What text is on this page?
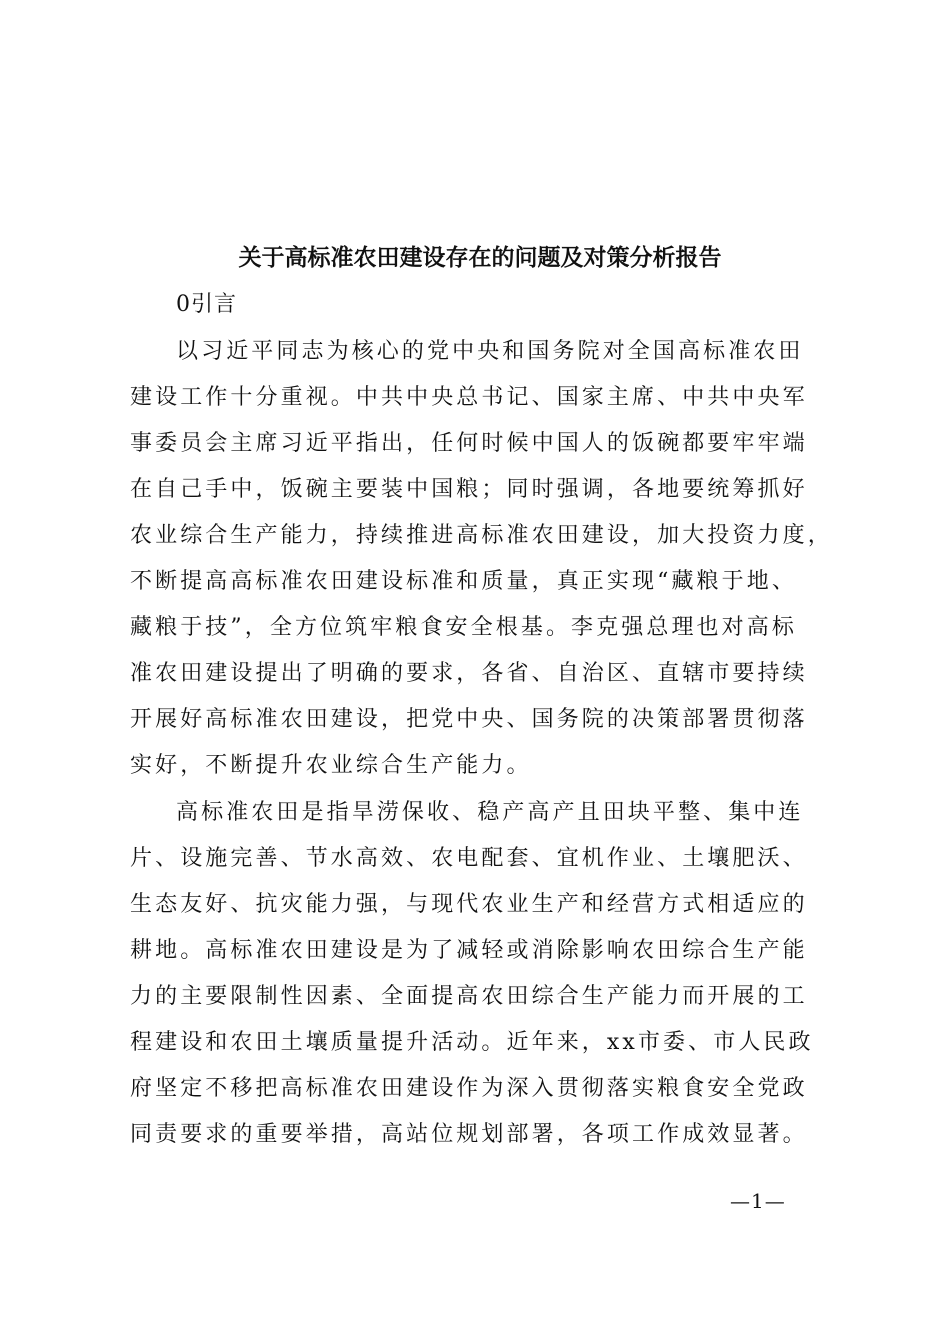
关于高标准农田建设存在的问题及对策分析报告
0引言
以习近平同志为核心的党中央和国务院对全国高标准农田
建设工作十分重视。中共中央总书记、国家主席、中共中央军
事委员会主席习近平指出，任何时候中国人的饭碗都要牢牢端
在自己手中，饭碗主要装中国粮；同时强调，各地要统筹抓好
农业综合生产能力，持续推进高标准农田建设，加大投资力度，
不断提高高标准农田建设标准和质量，真正实现“藏粮于地、
藏粮于技”，全方位筑牢粮食安全根基。李克强总理也对高标
准农田建设提出了明确的要求，各省、自治区、直辖市要持续
开展好高标准农田建设，把党中央、国务院的决策部署贯彻落
实好，不断提升农业综合生产能力。
高标准农田是指旱涝保收、稳产高产且田块平整、集中连
片、设施完善、节水高效、农电配套、宜机作业、土壤肥沃、
生态友好、抗灾能力强，与现代农业生产和经营方式相适应的
耕地。高标准农田建设是为了减轻或消除影响农田综合生产能
力的主要限制性因素、全面提高农田综合生产能力而开展的工
程建设和农田土壤质量提升活动。近年来，xx市委、市人民政
府坚定不移把高标准农田建设作为深入贯彻落实粮食安全党政
同责要求的重要举措，高站位规划部署，各项工作成效显著。
—1—
